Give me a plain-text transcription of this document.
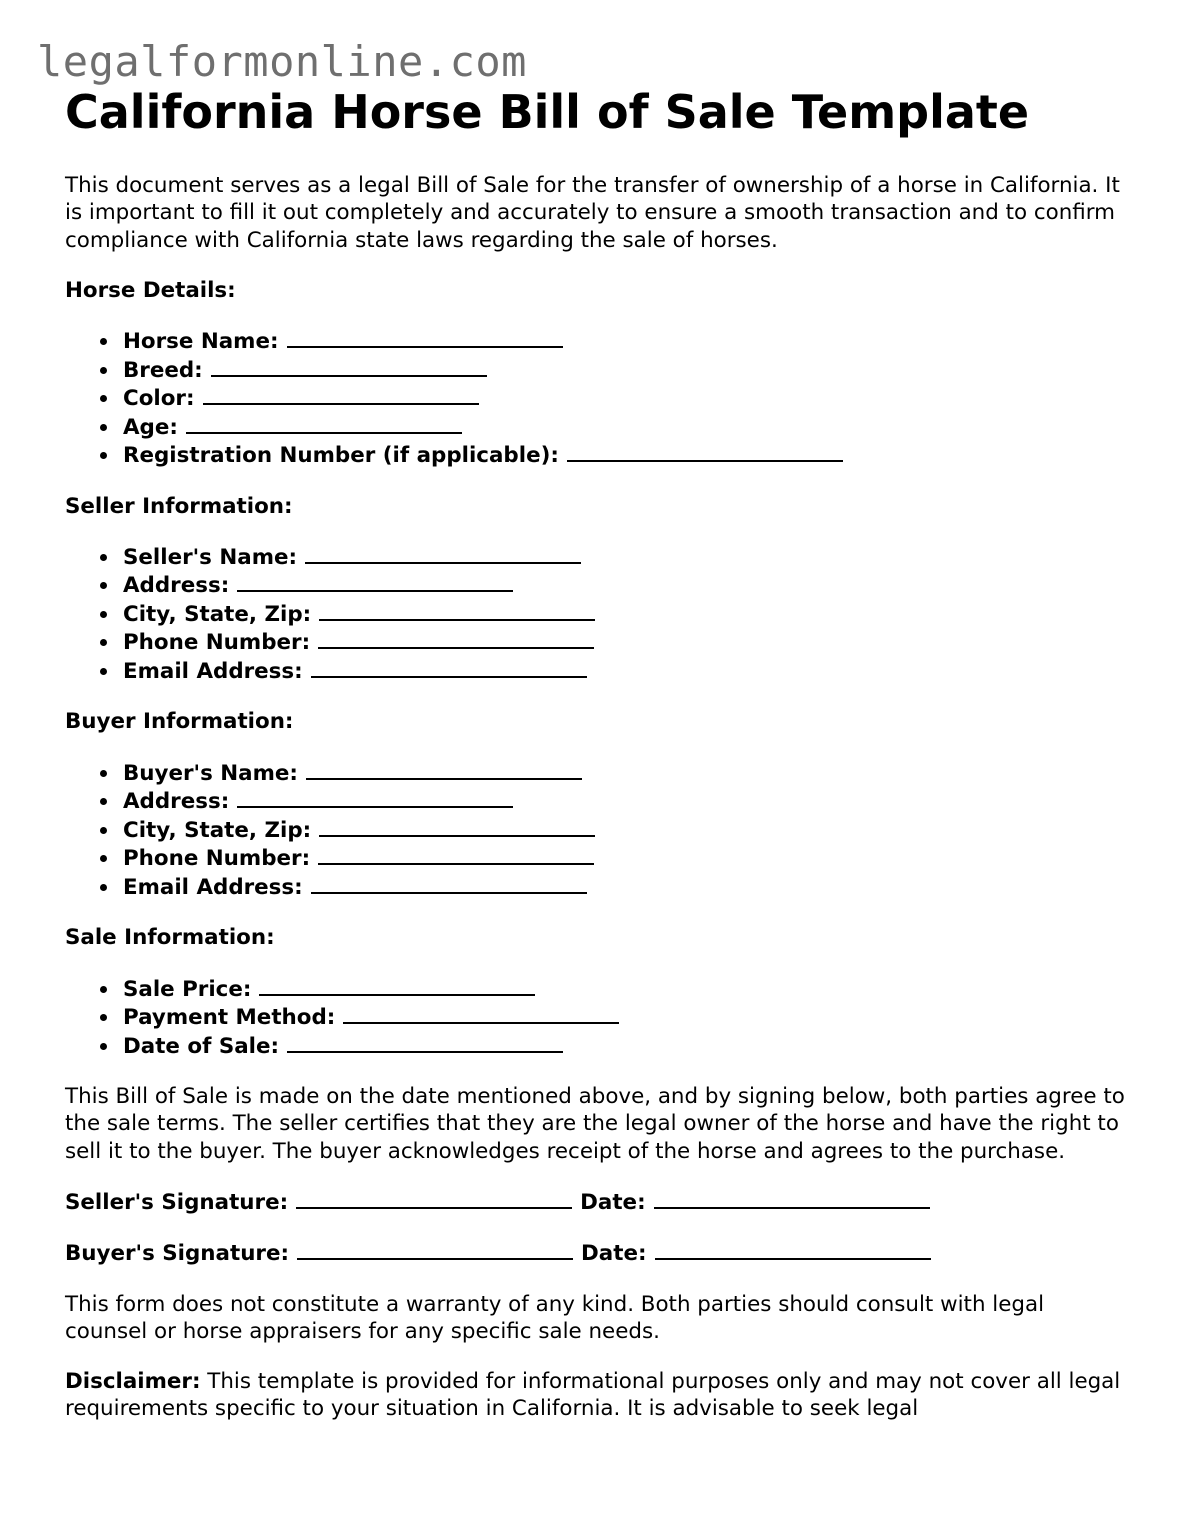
legalformonline.com
California Horse Bill of Sale Template

This document serves as a legal Bill of Sale for the transfer of ownership of a horse in California. It is important to fill it out completely and accurately to ensure a smooth transaction and to confirm compliance with California state laws regarding the sale of horses.

Horse Details:
Horse Name:
Breed:
Color:
Age:
Registration Number (if applicable):
Seller Information:
Seller's Name:
Address:
City, State, Zip:
Phone Number:
Email Address:
Buyer Information:
Buyer's Name:
Address:
City, State, Zip:
Phone Number:
Email Address:
Sale Information:
Sale Price:
Payment Method:
Date of Sale:

This Bill of Sale is made on the date mentioned above, and by signing below, both parties agree to the sale terms. The seller certifies that they are the legal owner of the horse and have the right to sell it to the buyer. The buyer acknowledges receipt of the horse and agrees to the purchase.

Seller's Signature:	Date:
Buyer's Signature:	Date:

This form does not constitute a warranty of any kind. Both parties should consult with legal counsel or horse appraisers for any specific sale needs.

Disclaimer: This template is provided for informational purposes only and may not cover all legal requirements specific to your situation in California. It is advisable to seek legal
